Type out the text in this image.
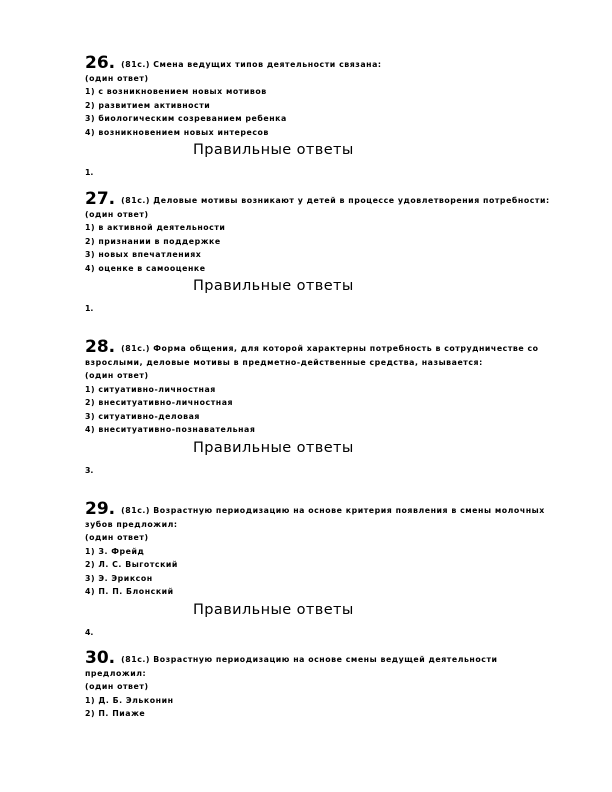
26. (81с.) Смена ведущих типов деятельности связана:
(один ответ)
1) с возникновением новых мотивов
2) развитием активности
3) биологическим созреванием ребенка
4) возникновением новых интересов
Правильные ответы
1.
27. (81с.) Деловые мотивы возникают у детей в процессе удовлетворения потребности:
(один ответ)
1) в активной деятельности
2) признании в поддержке
3) новых впечатлениях
4) оценке в самооценке
Правильные ответы
1.
28. (81с.) Форма общения, для которой характерны потребность в сотрудничестве со взрослыми, деловые мотивы в предметно-действенные средства, называется:
(один ответ)
1) ситуативно-личностная
2) внеситуативно-личностная
3) ситуативно-деловая
4) внеситуативно-познавательная
Правильные ответы
3.
29. (81с.) Возрастную периодизацию на основе критерия появления в смены молочных зубов предложил:
(один ответ)
1) З. Фрейд
2) Л. С. Выготский
3) Э. Эриксон
4) П. П. Блонский
Правильные ответы
4.
30. (81с.) Возрастную периодизацию на основе смены ведущей деятельности предложил:
(один ответ)
1) Д. Б. Эльконин
2) П. Пиаже
